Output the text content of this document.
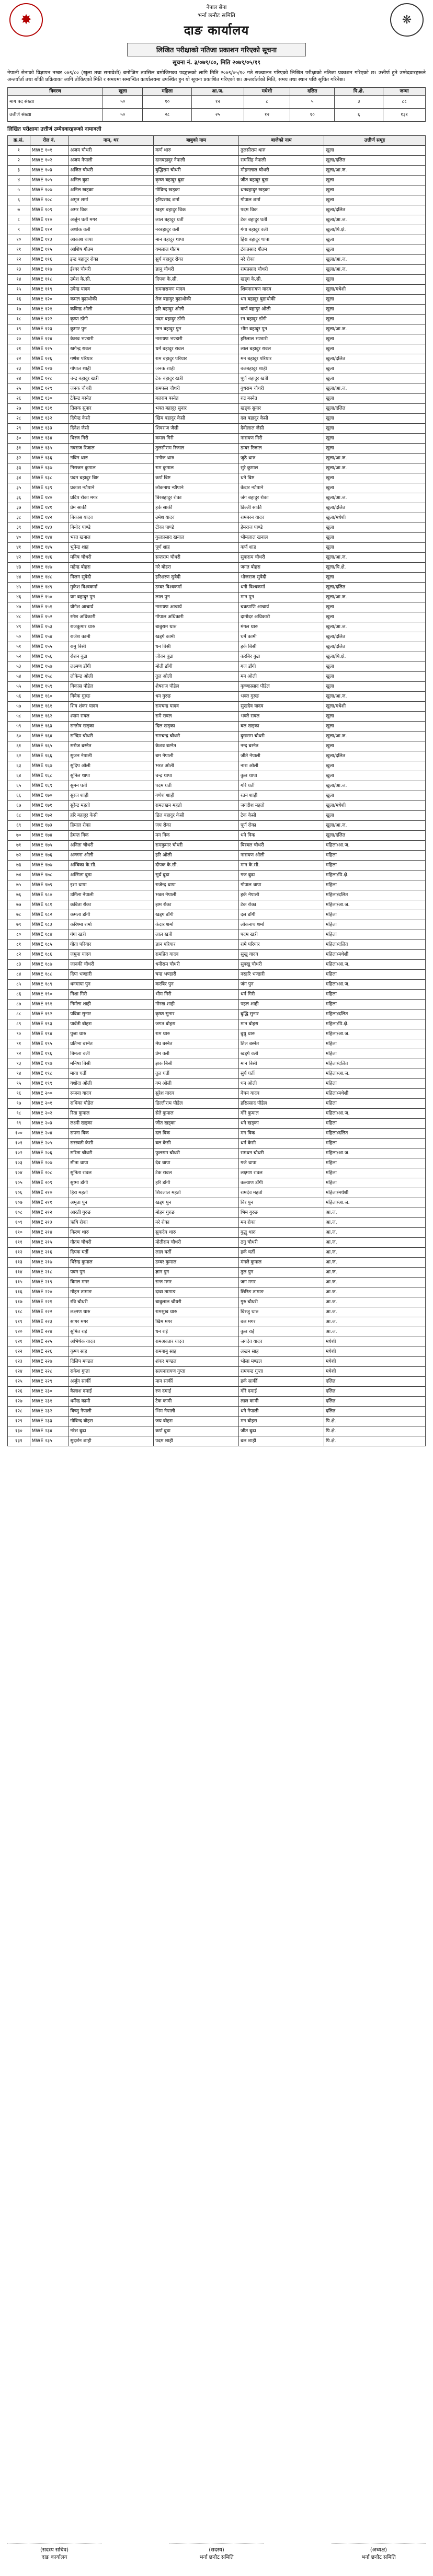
✸
नेपाल सेना
भर्ना छनौट समिति
दाङ कार्यालय
❋
लिखित परीक्षाको नतिजा प्रकाशन गरिएको सूचना
सूचना नं. ३/०७९/८०, मिति २०७९/०५/१९
नेपाली सेनाको विज्ञापन नम्बर ०७९/८० (खुला तथा समावेशी) बमोजिम तपसिल बमोजिमका पदहरूको लागि मिति २०७९/०५/१० गते सञ्चालन गरिएको लिखित परीक्षाको नतिजा प्रकाशन गरिएको छ। उत्तीर्ण हुने उम्मेदवारहरूले अन्तर्वार्ता तथा बाँकी प्रक्रियाका लागि तोकिएको मिति र समयमा सम्बन्धित कार्यालयमा उपस्थित हुन यो सूचना प्रकाशित गरिएको छ। अन्तर्वार्ताको मिति, समय तथा स्थान पछि सूचित गरिनेछ।
विवरण	खुला	महिला	आ.ज.	मधेशी	दलित	पि.क्षे.	जम्मा
माग पद संख्या	५०	१०	१२	८	५	३	८८
उत्तीर्ण संख्या	५०	२८	२५	१२	१०	६	१३१
लिखित परीक्षामा उत्तीर्ण उम्मेदवारहरूको नामावली
क्र.सं.	रोल नं.	नाम, थर	बाबुको नाम	बाजेको नाम	उत्तीर्ण समूह
१	MWE १०१	अजय चौधरी	कर्ण थारु	तुलसीराम थारु	खुला
२	MWE १०२	अजय नेपाली	दानबहादुर नेपाली	रामसिंह नेपाली	खुला/दलित
३	MWE १०३	अजित चौधरी	बुद्धिराम चौधरी	मोहनलाल चौधरी	खुला/आ.ज.
४	MWE १०५	अनिल बुढा	कृष्ण बहादुर बुढा	जीत बहादुर बुढा	खुला
५	MWE १०७	अनिल खड्का	गोविन्द खड्का	धनबहादुर खड्का	खुला
६	MWE १०८	अमृत शर्मा	हरिप्रसाद शर्मा	गोपाल शर्मा	खुला
७	MWE १०९	अमर विक	खड्ग बहादुर विक	पदम विक	खुला/दलित
८	MWE ११०	अर्जुन घर्ती मगर	लाल बहादुर घर्ती	टेक बहादुर घर्ती	खुला/आ.ज.
९	MWE ११२	अशोक वली	नरबहादुर वली	गंगा बहादुर वली	खुला/पि.क्षे.
१०	MWE ११३	आकाश थापा	मान बहादुर थापा	हिरा बहादुर थापा	खुला
११	MWE ११५	आशिष गौतम	यमलाल गौतम	टंकप्रसाद गौतम	खुला
१२	MWE ११६	इन्द्र बहादुर रोका	सुर्य बहादुर रोका	नरे रोका	खुला/आ.ज.
१३	MWE ११७	ईश्वर चौधरी	ज्ञानु चौधरी	रामप्रसाद चौधरी	खुला/आ.ज.
१४	MWE ११८	उमेश के.सी.	दिपक के.सी.	खड्ग के.सी.	खुला
१५	MWE ११९	उपेन्द्र यादव	रामनारायण यादव	शिवनारायण यादव	खुला/मधेशी
१६	MWE १२०	कमल बुढाथोकी	तेज बहादुर बुढाथोकी	धन बहादुर बुढाथोकी	खुला
१७	MWE १२१	कविन्द्र ओली	हरि बहादुर ओली	कर्ण बहादुर ओली	खुला
१८	MWE १२२	कृष्ण डाँगी	पदम बहादुर डाँगी	रन बहादुर डाँगी	खुला
१९	MWE १२३	कुमार पुन	मान बहादुर पुन	भीम बहादुर पुन	खुला/आ.ज.
२०	MWE १२४	केशव भण्डारी	नारायण भण्डारी	हरिलाल भण्डारी	खुला
२१	MWE १२५	खगेन्द्र रावल	धर्म बहादुर रावल	लाल बहादुर रावल	खुला
२२	MWE १२६	गणेश परियार	राम बहादुर परियार	मन बहादुर परियार	खुला/दलित
२३	MWE १२७	गोपाल शाही	जनक शाही	बलबहादुर शाही	खुला
२४	MWE १२८	चन्द्र बहादुर खत्री	टेक बहादुर खत्री	पूर्ण बहादुर खत्री	खुला
२५	MWE १२९	जनक चौधरी	रामफल चौधरी	बुधराम चौधरी	खुला/आ.ज.
२६	MWE १३०	टेकेन्द्र बस्नेत	बलराम बस्नेत	रुद्र बस्नेत	खुला
२७	MWE १३१	तिलक सुनार	भक्त बहादुर सुनार	खड्क सुनार	खुला/दलित
२८	MWE १३२	दिपेन्द्र केसी	खिम बहादुर केसी	दल बहादुर केसी	खुला
२९	MWE १३३	दिनेश जैसी	शिवराज जैसी	देवीलाल जैसी	खुला
३०	MWE १३४	धिरज गिरी	कमल गिरी	नारायण गिरी	खुला
३१	MWE १३५	नवराज रिजाल	तुलसीराम रिजाल	डम्बर रिजाल	खुला
३२	MWE १३६	नविन थारु	मनोज थारु	जुठे थारु	खुला/आ.ज.
३३	MWE १३७	निराजन कुमाल	राम कुमाल	सुरे कुमाल	खुला/आ.ज.
३४	MWE १३८	पदम बहादुर बिष्ट	कर्ण बिष्ट	धने बिष्ट	खुला
३५	MWE १३९	प्रकाश न्यौपाने	लोकनाथ न्यौपाने	केदार न्यौपाने	खुला
३६	MWE १४०	प्रदिप रोका मगर	बिरबहादुर रोका	जंग बहादुर रोका	खुला/आ.ज.
३७	MWE १४१	प्रेम सार्की	हर्क सार्की	डिल्ली सार्की	खुला/दलित
३८	MWE १४२	बिकास यादव	उमेश यादव	रामबरन यादव	खुला/मधेशी
३९	MWE १४३	बिनोद पाण्डे	टीका पाण्डे	हेमराज पाण्डे	खुला
४०	MWE १४४	भरत खनाल	कुलप्रसाद खनाल	भीमलाल खनाल	खुला
४१	MWE १४५	भुपेन्द्र शाह	पूर्ण शाह	कर्ण शाह	खुला
४२	MWE १४६	मनिष चौधरी	सन्तराम चौधरी	सुकराम चौधरी	खुला/आ.ज.
४३	MWE १४७	महेन्द्र बोहरा	नरे बोहरा	जगत बोहरा	खुला/पि.क्षे.
४४	MWE १४८	मिलन सुवेदी	हरिशरण सुवेदी	भोजराज सुवेदी	खुला
४५	MWE १४९	मुकेश विश्वकर्मा	डम्बर विश्वकर्मा	धनी विश्वकर्मा	खुला/दलित
४६	MWE १५०	यम बहादुर पुन	लाल पुन	मान पुन	खुला/आ.ज.
४७	MWE १५१	योगेश आचार्य	नारायण आचार्य	चक्रपाणि आचार्य	खुला
४८	MWE १५२	रमेश अधिकारी	गोपाल अधिकारी	दामोदर अधिकारी	खुला
४९	MWE १५३	राजकुमार थारु	बाबुराम थारु	मंगल थारु	खुला/आ.ज.
५०	MWE १५४	राजेश कामी	खड्गे कामी	धर्मे कामी	खुला/दलित
५१	MWE १५५	रामु बिसी	धन बिसी	हर्के बिसी	खुला/दलित
५२	MWE १५६	रोशन बुढा	जीवन बुढा	करबिर बुढा	खुला/पि.क्षे.
५३	MWE १५७	लक्ष्मण डाँगी	मोती डाँगी	गज डाँगी	खुला
५४	MWE १५८	लोकेन्द्र ओली	तुल ओली	मन ओली	खुला
५५	MWE १५९	विकास पौडेल	शेषराज पौडेल	कृष्णप्रसाद पौडेल	खुला
५६	MWE १६०	विवेक गुरुङ	धन गुरुङ	भक्त गुरुङ	खुला/आ.ज.
५७	MWE १६१	शिव शंकर यादव	रामचन्द्र यादव	सुखदेव यादव	खुला/मधेशी
५८	MWE १६२	श्याम रावल	रामे रावल	भक्ते रावल	खुला
५९	MWE १६३	सन्तोष खड्का	दिल खड्का	बल खड्का	खुला
६०	MWE १६४	सन्दिप चौधरी	रामचन्द्र चौधरी	दुखराम चौधरी	खुला/आ.ज.
६१	MWE १६५	सरोज बस्नेत	केशव बस्नेत	नन्द बस्नेत	खुला
६२	MWE १६६	सुजन नेपाली	बम नेपाली	जीते नेपाली	खुला/दलित
६३	MWE १६७	सुदिप ओली	भरत ओली	नारा ओली	खुला
६४	MWE १६८	सुनिल थापा	चन्द्र थापा	कुल थापा	खुला
६५	MWE १६९	सुमन घर्ती	पदम घर्ती	गोरे घर्ती	खुला/आ.ज.
६६	MWE १७०	सुरज शाही	गणेश शाही	रतन शाही	खुला
६७	MWE १७१	सुरेन्द्र महतो	रामलखन महतो	जगदीश महतो	खुला/मधेशी
६८	MWE १७२	हरि बहादुर केसी	डिल बहादुर केसी	टेक केसी	खुला
६९	MWE १७३	हिमाल रोका	जय रोका	पूर्ण रोका	खुला/आ.ज.
७०	MWE १७४	हेमन्त विक	मन विक	धने विक	खुला/दलित
७१	MWE १७५	अनिता चौधरी	रामकुमार चौधरी	बिरबल चौधरी	महिला/आ.ज.
७२	MWE १७६	अन्जना ओली	हरि ओली	नारायण ओली	महिला
७३	MWE १७७	अम्बिका के.सी.	दीपक के.सी.	मान के.सी.	महिला
७४	MWE १७८	अस्मिता बुढा	सुर्य बुढा	गज बुढा	महिला/पि.क्षे.
७५	MWE १७९	इशा थापा	राजेन्द्र थापा	गोपाल थापा	महिला
७६	MWE १८०	उर्मिला नेपाली	भक्त नेपाली	हर्क नेपाली	महिला/दलित
७७	MWE १८१	कबिता रोका	झम रोका	टेक रोका	महिला/आ.ज.
७८	MWE १८२	कमला डाँगी	खड्ग डाँगी	दल डाँगी	महिला
७९	MWE १८३	करिश्मा शर्मा	केदार शर्मा	लोकनाथ शर्मा	महिला
८०	MWE १८४	गंगा खत्री	लाल खत्री	पदम खत्री	महिला
८१	MWE १८५	गीता परियार	ज्ञान परियार	रामे परियार	महिला/दलित
८२	MWE १८६	जमुना यादव	रामप्रित यादव	सुखु यादव	महिला/मधेशी
८३	MWE १८७	जानकी चौधरी	धनीराम चौधरी	सुक्खु चौधरी	महिला/आ.ज.
८४	MWE १८८	दिपा भण्डारी	चन्द्र भण्डारी	नरहरि भण्डारी	महिला
८५	MWE १८९	धनमाया पुन	करबिर पुन	जंग पुन	महिला/आ.ज.
८६	MWE १९०	निशा गिरी	भीम गिरी	धर्म गिरी	महिला
८७	MWE १९१	निर्मला शाही	गोरख शाही	पहल शाही	महिला
८८	MWE १९२	पवित्रा सुनार	कृष्ण सुनार	बुद्धि सुनार	महिला/दलित
८९	MWE १९३	पार्वती बोहरा	जगत बोहरा	मान बोहरा	महिला/पि.क्षे.
९०	MWE १९४	पुजा थारु	राम थारु	बुधु थारु	महिला/आ.ज.
९१	MWE १९५	प्रतिभा बस्नेत	मेघ बस्नेत	तिल बस्नेत	महिला
९२	MWE १९६	बिमला वली	प्रेम वली	खड्गे वली	महिला
९३	MWE १९७	मनिषा बिसी	झक बिसी	मान बिसी	महिला/दलित
९४	MWE १९८	माया घर्ती	तुल घर्ती	सुर्य घर्ती	महिला/आ.ज.
९५	MWE १९९	यशोदा ओली	गम ओली	धन ओली	महिला
९६	MWE २००	रन्जना यादव	सुरेश यादव	बेचन यादव	महिला/मधेशी
९७	MWE २०१	राधिका पौडेल	डिल्लीराम पौडेल	हरिप्रसाद पौडेल	महिला
९८	MWE २०२	रिता कुमाल	सेते कुमाल	गोरे कुमाल	महिला/आ.ज.
९९	MWE २०३	लक्ष्मी खड्का	जीत खड्का	धने खड्का	महिला
१००	MWE २०४	सपना विक	दल विक	मन विक	महिला/दलित
१०१	MWE २०५	सरस्वती केसी	बल केसी	धर्म केसी	महिला
१०२	MWE २०६	सरिता चौधरी	फुलराम चौधरी	रामधन चौधरी	महिला/आ.ज.
१०३	MWE २०७	सीता थापा	देव थापा	गजे थापा	महिला
१०४	MWE २०८	सुनिता रावल	टेक रावल	लक्ष्मण रावल	महिला
१०५	MWE २०९	सुष्मा डाँगी	हरि डाँगी	कल्याण डाँगी	महिला
१०६	MWE २१०	हिरा महतो	शिवलाल महतो	रामदेव महतो	महिला/मधेशी
१०७	MWE २११	अमृता पुन	खड्ग पुन	बिर पुन	महिला/आ.ज.
१०८	MWE २१२	आरती गुरुङ	मोहन गुरुङ	भिम गुरुङ	आ.ज.
१०९	MWE २१३	ऋषि रोका	नरे रोका	मन रोका	आ.ज.
११०	MWE २१४	किरण थारु	सुकदेव थारु	बुद्धु थारु	आ.ज.
१११	MWE २१५	गौतम चौधरी	मोतीराम चौधरी	ठगु चौधरी	आ.ज.
११२	MWE २१६	दिपक घर्ती	लाल घर्ती	हर्क घर्ती	आ.ज.
११३	MWE २१७	धिरेन्द्र कुमाल	डम्बर कुमाल	मंगले कुमाल	आ.ज.
११४	MWE २१८	पवन पुन	ज्ञान पुन	तुल पुन	आ.ज.
११५	MWE २१९	बिमल मगर	सन्त मगर	जग मगर	आ.ज.
११६	MWE २२०	मोहन तामाङ	दावा तामाङ	छिरिङ तामाङ	आ.ज.
११७	MWE २२१	रवि चौधरी	बाबुलाल चौधरी	गुरु चौधरी	आ.ज.
११८	MWE २२२	लक्ष्मण थारु	रामसुख थारु	बिरजु थारु	आ.ज.
११९	MWE २२३	सागर मगर	खिम मगर	बल मगर	आ.ज.
१२०	MWE २२४	सुमित राई	धन राई	कुल राई	आ.ज.
१२१	MWE २२५	अभिषेक यादव	रामअवतार यादव	जगदेव यादव	मधेशी
१२२	MWE २२६	कृष्ण साह	रामबाबु साह	लखन साह	मधेशी
१२३	MWE २२७	दिलिप मण्डल	शंकर मण्डल	भोला मण्डल	मधेशी
१२४	MWE २२८	राकेश गुप्ता	सत्यनारायण गुप्ता	रामचन्द्र गुप्ता	मधेशी
१२५	MWE २२९	अर्जुन सार्की	मान सार्की	हर्क सार्की	दलित
१२६	MWE २३०	कैलाश दमाई	रण दमाई	गोरे दमाई	दलित
१२७	MWE २३१	धर्मेन्द्र कामी	टेक कामी	लाल कामी	दलित
१२८	MWE २३२	बिष्णु नेपाली	भिम नेपाली	धने नेपाली	दलित
१२९	MWE २३३	गोविन्द बोहरा	जय बोहरा	मन बोहरा	पि.क्षे.
१३०	MWE २३४	नरेश बुढा	कर्ण बुढा	जीत बुढा	पि.क्षे.
१३१	MWE २३५	सुदर्शन शाही	पदम शाही	बल शाही	पि.क्षे.
(सदस्य सचिव)
दाङ कार्यालय
(सदस्य)
भर्ना छनौट समिति
(अध्यक्ष)
भर्ना छनौट समिति
